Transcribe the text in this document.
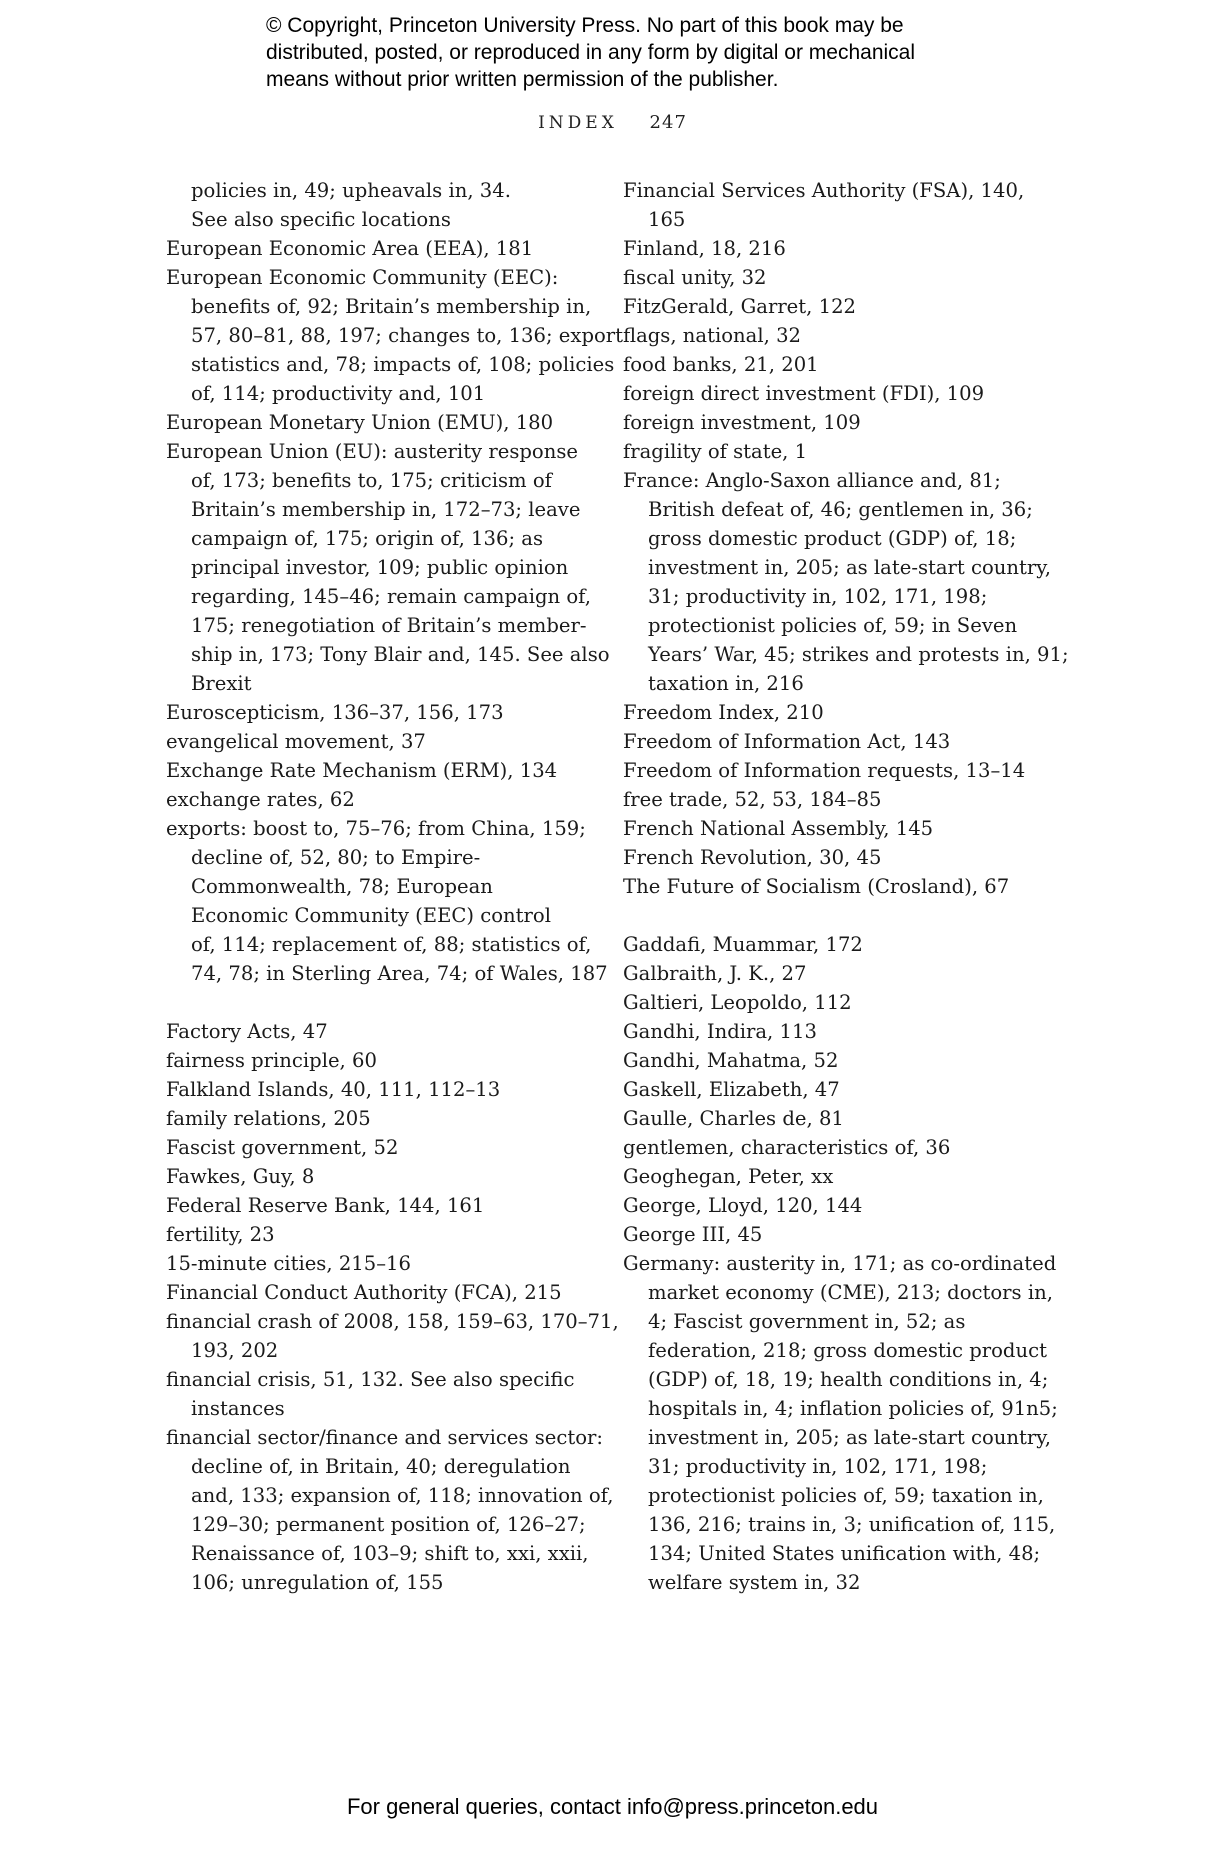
© Copyright, Princeton University Press. No part of this book may be
distributed, posted, or reproduced in any form by digital or mechanical
means without prior written permission of the publisher.
INDEX 247
policies in, 49; upheavals in, 34.
See also specific locations
European Economic Area (EEA), 181
European Economic Community (EEC):
benefits of, 92; Britain’s membership in,
57, 80–81, 88, 197; changes to, 136; export
statistics and, 78; impacts of, 108; policies
of, 114; productivity and, 101
European Monetary Union (EMU), 180
European Union (EU): austerity response
of, 173; benefits to, 175; criticism of
Britain’s membership in, 172–73; leave
campaign of, 175; origin of, 136; as
principal investor, 109; public opinion
regarding, 145–46; remain campaign of,
175; renegotiation of Britain’s member-
ship in, 173; Tony Blair and, 145. See also
Brexit
Euroscepticism, 136–37, 156, 173
evangelical movement, 37
Exchange Rate Mechanism (ERM), 134
exchange rates, 62
exports: boost to, 75–76; from China, 159;
decline of, 52, 80; to Empire-
Commonwealth, 78; European
Economic Community (EEC) control
of, 114; replacement of, 88; statistics of,
74, 78; in Sterling Area, 74; of Wales, 187
Factory Acts, 47
fairness principle, 60
Falkland Islands, 40, 111, 112–13
family relations, 205
Fascist government, 52
Fawkes, Guy, 8
Federal Reserve Bank, 144, 161
fertility, 23
15-minute cities, 215–16
Financial Conduct Authority (FCA), 215
financial crash of 2008, 158, 159–63, 170–71,
193, 202
financial crisis, 51, 132. See also specific
instances
financial sector/finance and services sector:
decline of, in Britain, 40; deregulation
and, 133; expansion of, 118; innovation of,
129–30; permanent position of, 126–27;
Renaissance of, 103–9; shift to, xxi, xxii,
106; unregulation of, 155
Financial Services Authority (FSA), 140,
165
Finland, 18, 216
fiscal unity, 32
FitzGerald, Garret, 122
flags, national, 32
food banks, 21, 201
foreign direct investment (FDI), 109
foreign investment, 109
fragility of state, 1
France: Anglo-Saxon alliance and, 81;
British defeat of, 46; gentlemen in, 36;
gross domestic product (GDP) of, 18;
investment in, 205; as late-start country,
31; productivity in, 102, 171, 198;
protectionist policies of, 59; in Seven
Years’ War, 45; strikes and protests in, 91;
taxation in, 216
Freedom Index, 210
Freedom of Information Act, 143
Freedom of Information requests, 13–14
free trade, 52, 53, 184–85
French National Assembly, 145
French Revolution, 30, 45
The Future of Socialism (Crosland), 67
Gaddafi, Muammar, 172
Galbraith, J. K., 27
Galtieri, Leopoldo, 112
Gandhi, Indira, 113
Gandhi, Mahatma, 52
Gaskell, Elizabeth, 47
Gaulle, Charles de, 81
gentlemen, characteristics of, 36
Geoghegan, Peter, xx
George, Lloyd, 120, 144
George III, 45
Germany: austerity in, 171; as co-ordinated
market economy (CME), 213; doctors in,
4; Fascist government in, 52; as
federation, 218; gross domestic product
(GDP) of, 18, 19; health conditions in, 4;
hospitals in, 4; inflation policies of, 91n5;
investment in, 205; as late-start country,
31; productivity in, 102, 171, 198;
protectionist policies of, 59; taxation in,
136, 216; trains in, 3; unification of, 115,
134; United States unification with, 48;
welfare system in, 32
For general queries, contact info@press.princeton.edu
